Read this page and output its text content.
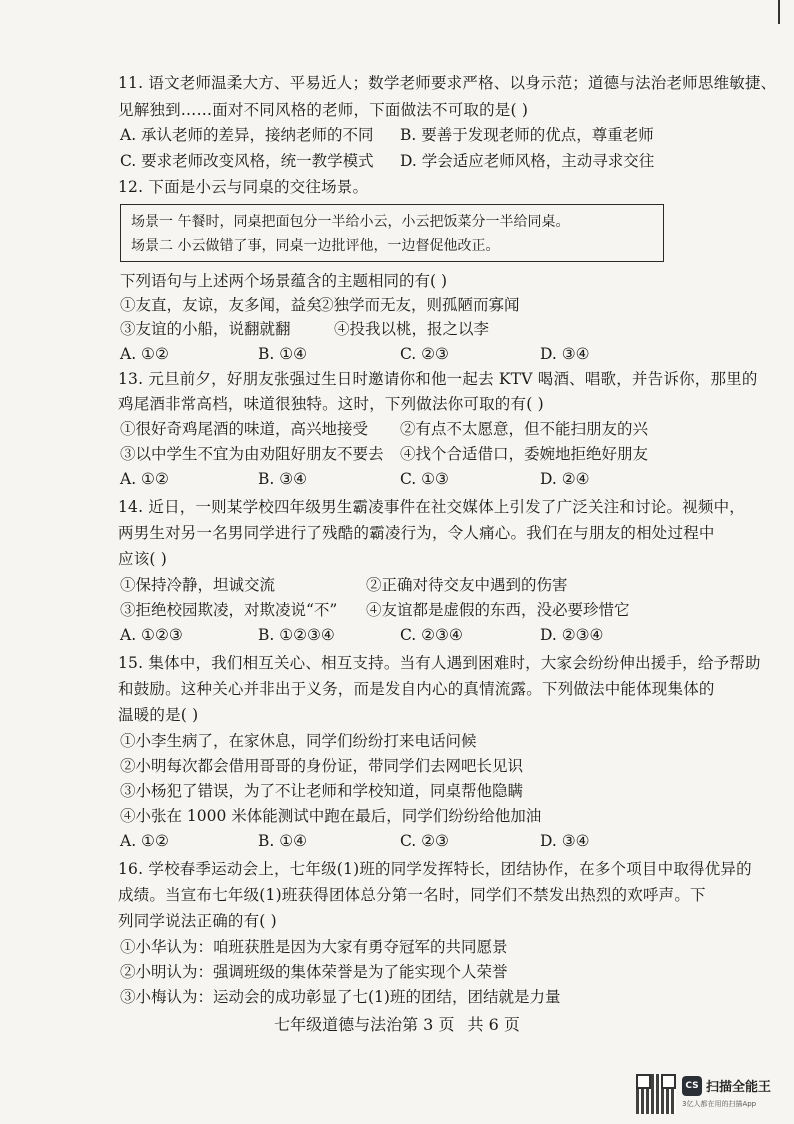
11. 语文老师温柔大方、平易近人；数学老师要求严格、以身示范；道德与法治老师思维敏捷、
见解独到……面对不同风格的老师，下面做法不可取的是( )
A. 承认老师的差异，接纳老师的不同 B. 要善于发现老师的优点，尊重老师
C. 要求老师改变风格，统一教学模式 D. 学会适应老师风格，主动寻求交往
12. 下面是小云与同桌的交往场景。
场景一 午餐时，同桌把面包分一半给小云，小云把饭菜分一半给同桌。
场景二 小云做错了事，同桌一边批评他，一边督促他改正。
下列语句与上述两个场景蕴含的主题相同的有( )
①友直，友谅，友多闻，益矣
②独学而无友，则孤陋而寡闻
③友谊的小船，说翻就翻	④投我以桃，报之以李
A. ①②	B. ①④	C. ②③	D. ③④
13. 元旦前夕，好朋友张强过生日时邀请你和他一起去 KTV 喝酒、唱歌，并告诉你，那里的
鸡尾酒非常高档，味道很独特。这时，下列做法你可取的有( )
①很好奇鸡尾酒的味道，高兴地接受 ②有点不太愿意，但不能扫朋友的兴
③以中学生不宜为由劝阻好朋友不要去 ④找个合适借口，委婉地拒绝好朋友
A. ①②	B. ③④	C. ①③	D. ②④
14. 近日，一则某学校四年级男生霸凌事件在社交媒体上引发了广泛关注和讨论。视频中，
两男生对另一名男同学进行了残酷的霸凌行为，令人痛心。我们在与朋友的相处过程中
应该( )
①保持冷静，坦诚交流	②正确对待交友中遇到的伤害
③拒绝校园欺凌，对欺凌说“不” ④友谊都是虚假的东西，没必要珍惜它
A. ①②③	B. ①②③④	C. ②③④	D. ②③④
15. 集体中，我们相互关心、相互支持。当有人遇到困难时，大家会纷纷伸出援手，给予帮助
和鼓励。这种关心并非出于义务，而是发自内心的真情流露。下列做法中能体现集体的
温暖的是( )
①小李生病了，在家休息，同学们纷纷打来电话问候
②小明每次都会借用哥哥的身份证，带同学们去网吧长见识
③小杨犯了错误，为了不让老师和学校知道，同桌帮他隐瞒
④小张在 1000 米体能测试中跑在最后，同学们纷纷给他加油
A. ①②	B. ①④	C. ②③	D. ③④
16. 学校春季运动会上，七年级(1)班的同学发挥特长，团结协作，在多个项目中取得优异的
成绩。当宣布七年级(1)班获得团体总分第一名时，同学们不禁发出热烈的欢呼声。下
列同学说法正确的有( )
①小华认为：咱班获胜是因为大家有勇夺冠军的共同愿景
②小明认为：强调班级的集体荣誉是为了能实现个人荣誉
③小梅认为：运动会的成功彰显了七(1)班的团结，团结就是力量
七年级道德与法治第 3 页 共 6 页
CS 扫描全能王
3亿人都在用的扫描App
